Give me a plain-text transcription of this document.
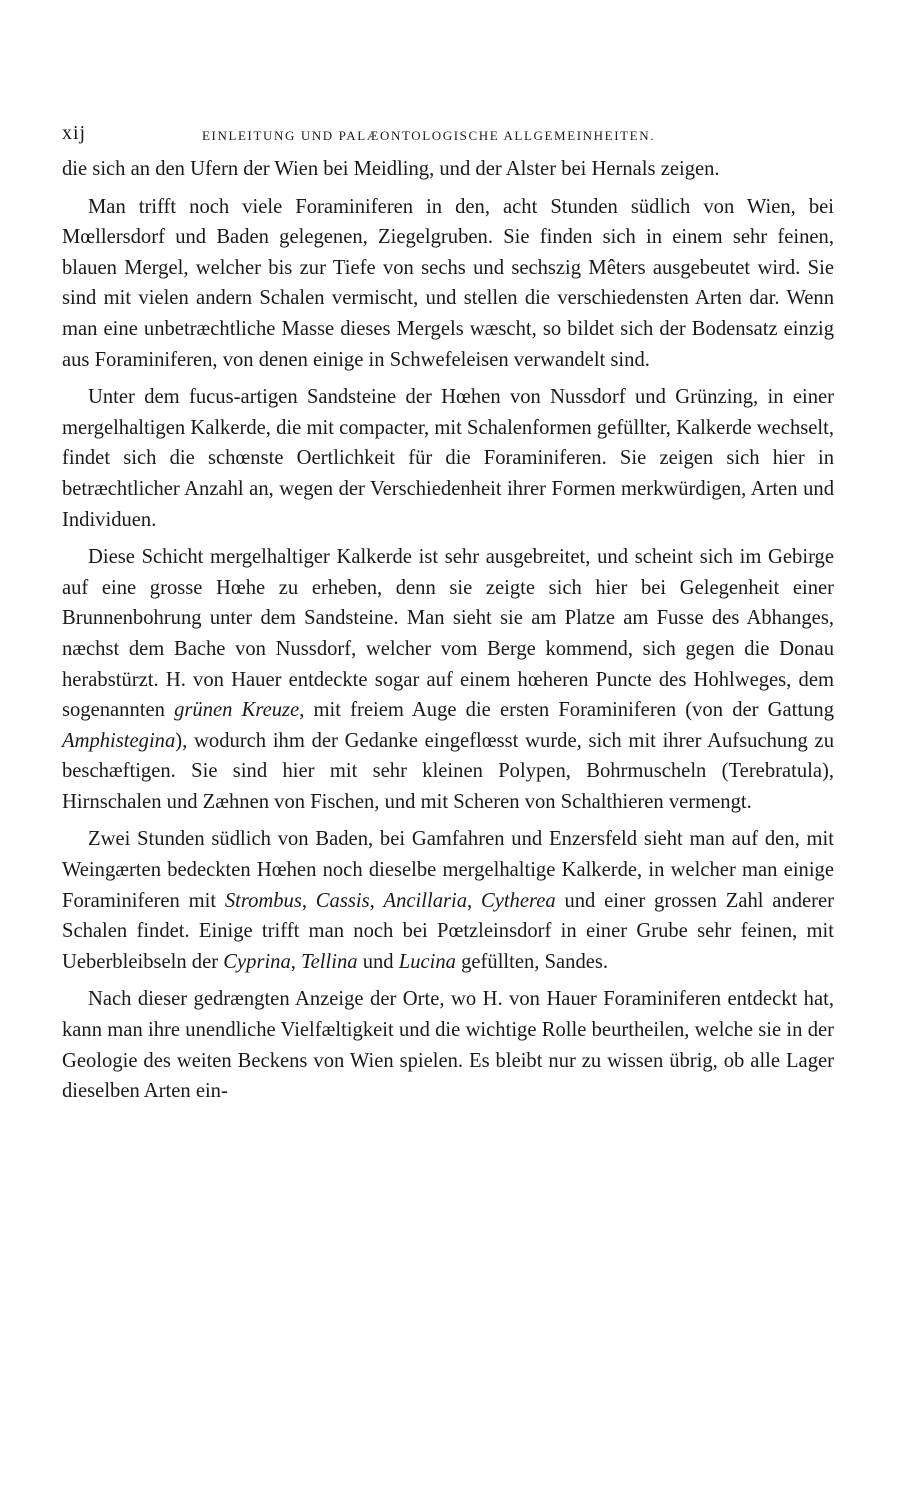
xij	EINLEITUNG UND PALÆONTOLOGISCHE ALLGEMEINHEITEN.

die sich an den Ufern der Wien bei Meidling, und der Alster bei Hernals zeigen.

Man trifft noch viele Foraminiferen in den, acht Stunden südlich von Wien, bei Mœllersdorf und Baden gelegenen, Ziegelgruben. Sie finden sich in einem sehr feinen, blauen Mergel, welcher bis zur Tiefe von sechs und sechszig Mêters ausgebeutet wird. Sie sind mit vielen andern Schalen vermischt, und stellen die verschiedensten Arten dar. Wenn man eine unbetræchtliche Masse dieses Mergels wæscht, so bildet sich der Bodensatz einzig aus Foraminiferen, von denen einige in Schwefeleisen verwandelt sind.

Unter dem fucus-artigen Sandsteine der Hœhen von Nussdorf und Grünzing, in einer mergelhaltigen Kalkerde, die mit compacter, mit Schalenformen gefüllter, Kalkerde wechselt, findet sich die schœnste Oertlichkeit für die Foraminiferen. Sie zeigen sich hier in betræchtlicher Anzahl an, wegen der Verschiedenheit ihrer Formen merkwürdigen, Arten und Individuen.

Diese Schicht mergelhaltiger Kalkerde ist sehr ausgebreitet, und scheint sich im Gebirge auf eine grosse Hœhe zu erheben, denn sie zeigte sich hier bei Gelegenheit einer Brunnenbohrung unter dem Sandsteine. Man sieht sie am Platze am Fusse des Abhanges, næchst dem Bache von Nussdorf, welcher vom Berge kommend, sich gegen die Donau herabstürzt. H. von Hauer entdeckte sogar auf einem hœheren Puncte des Hohlweges, dem sogenannten grünen Kreuze, mit freiem Auge die ersten Foraminiferen (von der Gattung Amphistegina), wodurch ihm der Gedanke eingeflœsst wurde, sich mit ihrer Aufsuchung zu beschæftigen. Sie sind hier mit sehr kleinen Polypen, Bohrmuscheln (Terebratula), Hirnschalen und Zæhnen von Fischen, und mit Scheren von Schalthieren vermengt.

Zwei Stunden südlich von Baden, bei Gamfahren und Enzersfeld sieht man auf den, mit Weingærten bedeckten Hœhen noch dieselbe mergelhaltige Kalkerde, in welcher man einige Foraminiferen mit Strombus, Cassis, Ancillaria, Cytherea und einer grossen Zahl anderer Schalen findet. Einige trifft man noch bei Pœtzleinsdorf in einer Grube sehr feinen, mit Ueberbleibseln der Cyprina, Tellina und Lucina gefüllten, Sandes.

Nach dieser gedrængten Anzeige der Orte, wo H. von Hauer Foraminiferen entdeckt hat, kann man ihre unendliche Vielfæltigkeit und die wichtige Rolle beurtheilen, welche sie in der Geologie des weiten Beckens von Wien spielen. Es bleibt nur zu wissen übrig, ob alle Lager dieselben Arten ein-
